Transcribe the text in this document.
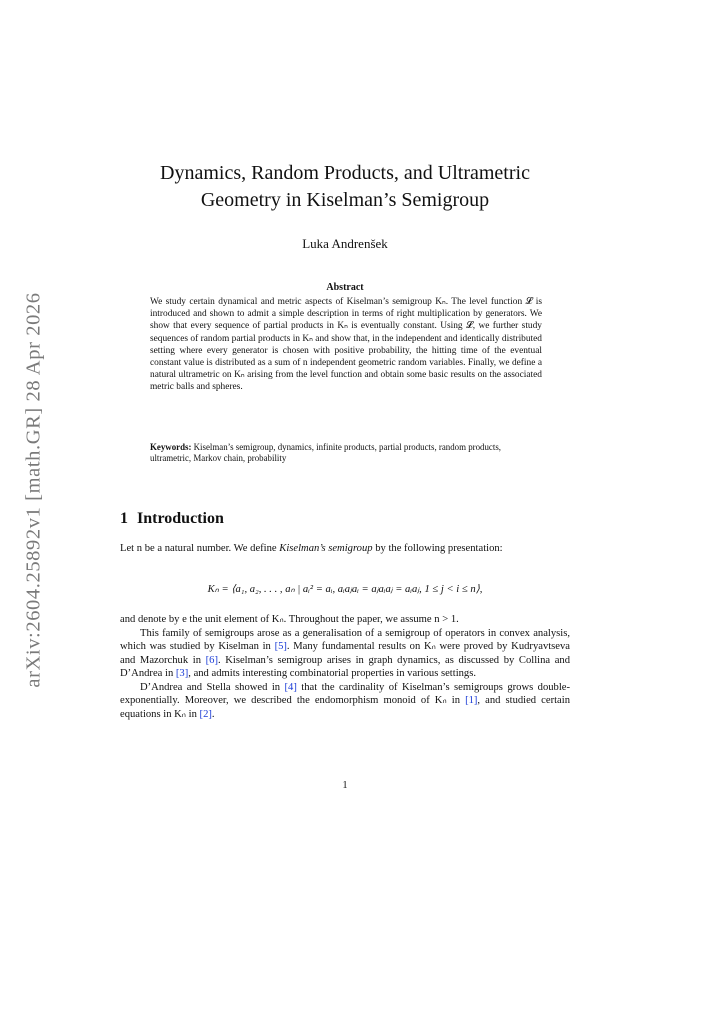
arXiv:2604.25892v1 [math.GR] 28 Apr 2026
Dynamics, Random Products, and Ultrametric
Geometry in Kiselman’s Semigroup
Luka Andrenšek
Abstract
We study certain dynamical and metric aspects of Kiselman’s semigroup Kₙ. The level function 𝓛 is introduced and shown to admit a simple description in terms of right multiplication by generators. We show that every sequence of partial products in Kₙ is eventually constant. Using 𝓛, we further study sequences of random partial products in Kₙ and show that, in the independent and identically distributed setting where every generator is chosen with positive probability, the hitting time of the eventual constant value is distributed as a sum of n independent geometric random variables. Finally, we define a natural ultrametric on Kₙ arising from the level function and obtain some basic results on the associated metric balls and spheres.
Keywords: Kiselman’s semigroup, dynamics, infinite products, partial products, random products, ultrametric, Markov chain, probability
1 Introduction
Let n be a natural number. We define Kiselman’s semigroup by the following presentation:
Kₙ = ⟨a₁, a₂, . . . , aₙ | aᵢ² = aᵢ, aᵢaⱼaᵢ = aⱼaᵢaⱼ = aᵢaⱼ, 1 ≤ j < i ≤ n⟩,
and denote by e the unit element of Kₙ. Throughout the paper, we assume n > 1.
This family of semigroups arose as a generalisation of a semigroup of operators in convex analysis, which was studied by Kiselman in [5]. Many fundamental results on Kₙ were proved by Kudryavtseva and Mazorchuk in [6]. Kiselman’s semigroup arises in graph dynamics, as discussed by Collina and D’Andrea in [3], and admits interesting combinatorial properties in various settings.
D’Andrea and Stella showed in [4] that the cardinality of Kiselman’s semigroups grows double-exponentially. Moreover, we described the endomorphism monoid of Kₙ in [1], and studied certain equations in Kₙ in [2].
1
